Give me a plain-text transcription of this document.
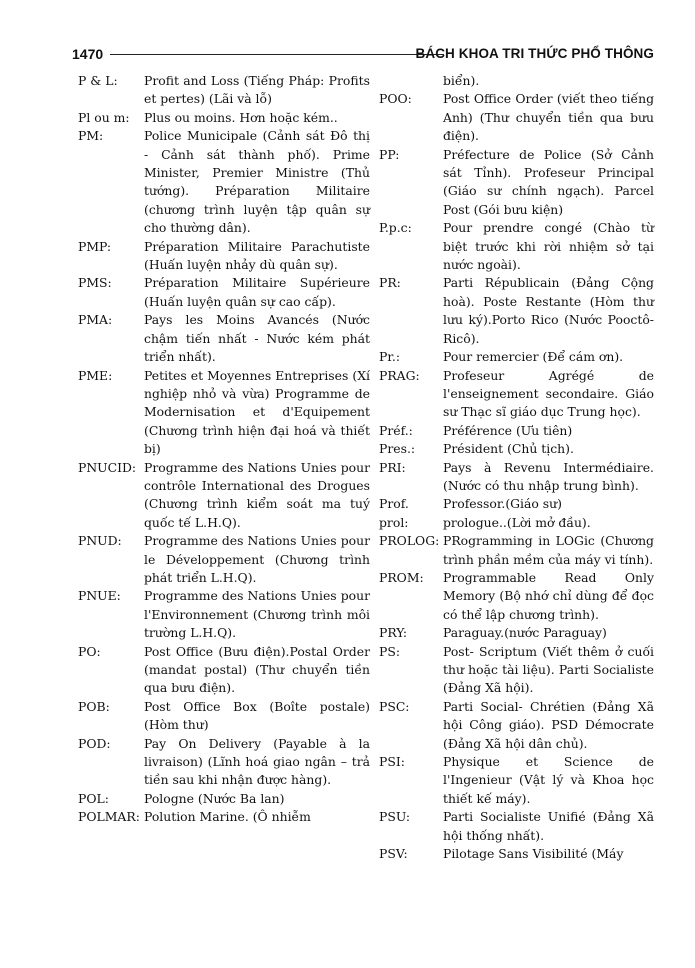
1470	BÁCH KHOA TRI THỨC PHỔ THÔNG
P & L: Profit and Loss (Tiếng Pháp: Profits et pertes) (Lãi và lỗ)
Pl ou m: Plus ou moins. Hơn hoặc kém..
PM:	Police Municipale (Cảnh sát Đô thị - Cảnh sát thành phố). Prime Minister, Premier Ministre (Thủ tướng). Préparation Militaire (chương trình luyện tập quân sự cho thường dân).
PMP:	Préparation Militaire Parachutiste (Huấn luyện nhảy dù quân sự).
PMS:	Préparation Militaire Supérieure (Huấn luyện quân sự cao cấp).
PMA:	Pays les Moins Avancés (Nước chậm tiến nhất - Nước kém phát triển nhất).
PME:	Petites et Moyennes Entreprises (Xí nghiệp nhỏ và vừa) Programme de Modernisation et d'Equipement (Chương trình hiện đại hoá và thiết bị)
PNUCID: Programme des Nations Unies pour contrôle International des Drogues (Chương trình kiểm soát ma tuý quốc tế L.H.Q).
PNUD: Programme des Nations Unies pour le Développement (Chương trình phát triển L.H.Q).
PNUE: Programme des Nations Unies pour l'Environnement (Chương trình môi trường L.H.Q).
PO:	Post Office (Bưu điện).Postal Order (mandat postal) (Thư chuyển tiền qua bưu điện).
POB:	Post Office Box (Boîte postale) (Hòm thư)
POD:	Pay On Delivery (Payable à la livraison) (Lĩnh hoá giao ngân – trả tiền sau khi nhận được hàng).
POL:	Pologne (Nước Ba lan)
POLMAR: Polution Marine. (Ô nhiễm
biển).
POO:	Post Office Order (viết theo tiếng Anh) (Thư chuyển tiền qua bưu điện).
PP:	Préfecture de Police (Sở Cảnh sát Tỉnh). Profeseur Principal (Giáo sư chính ngạch). Parcel Post (Gói bưu kiện)
P.p.c:	Pour prendre congé (Chào từ biệt trước khi rời nhiệm sở tại nước ngoài).
PR:	Parti Républicain (Đảng Cộng hoà). Poste Restante (Hòm thư lưu ký).Porto Rico (Nước Pooctô-Ricô).
Pr.:	Pour remercier (Để cám ơn).
PRAG: Profeseur Agrégé de l'enseignement secondaire. Giáo sư Thạc sĩ giáo dục Trung học).
Préf.: Préférence (Ưu tiên)
Pres.: Président (Chủ tịch).
PRI:	Pays à Revenu Intermédiaire. (Nước có thu nhập trung bình).
Prof.	Professor.(Giáo sư)
prol:	prologue..(Lời mở đầu).
PROLOG: PRogramming in LOGic (Chương trình phần mềm của máy vi tính).
PROM: Programmable Read Only Memory (Bộ nhớ chỉ dùng để đọc có thể lập chương trình).
PRY:	Paraguay.(nước Paraguay)
PS:	Post- Scriptum (Viết thêm ở cuối thư hoặc tài liệu). Parti Socialiste (Đảng Xã hội).
PSC:	Parti Social- Chrétien (Đảng Xã hội Công giáo). PSD Démocrate (Đảng Xã hội dân chủ).
PSI:	Physique et Science de l'Ingenieur (Vật lý và Khoa học thiết kế máy).
PSU:	Parti Socialiste Unifié (Đảng Xã hội thống nhất).
PSV:	Pilotage Sans Visibilité (Máy
